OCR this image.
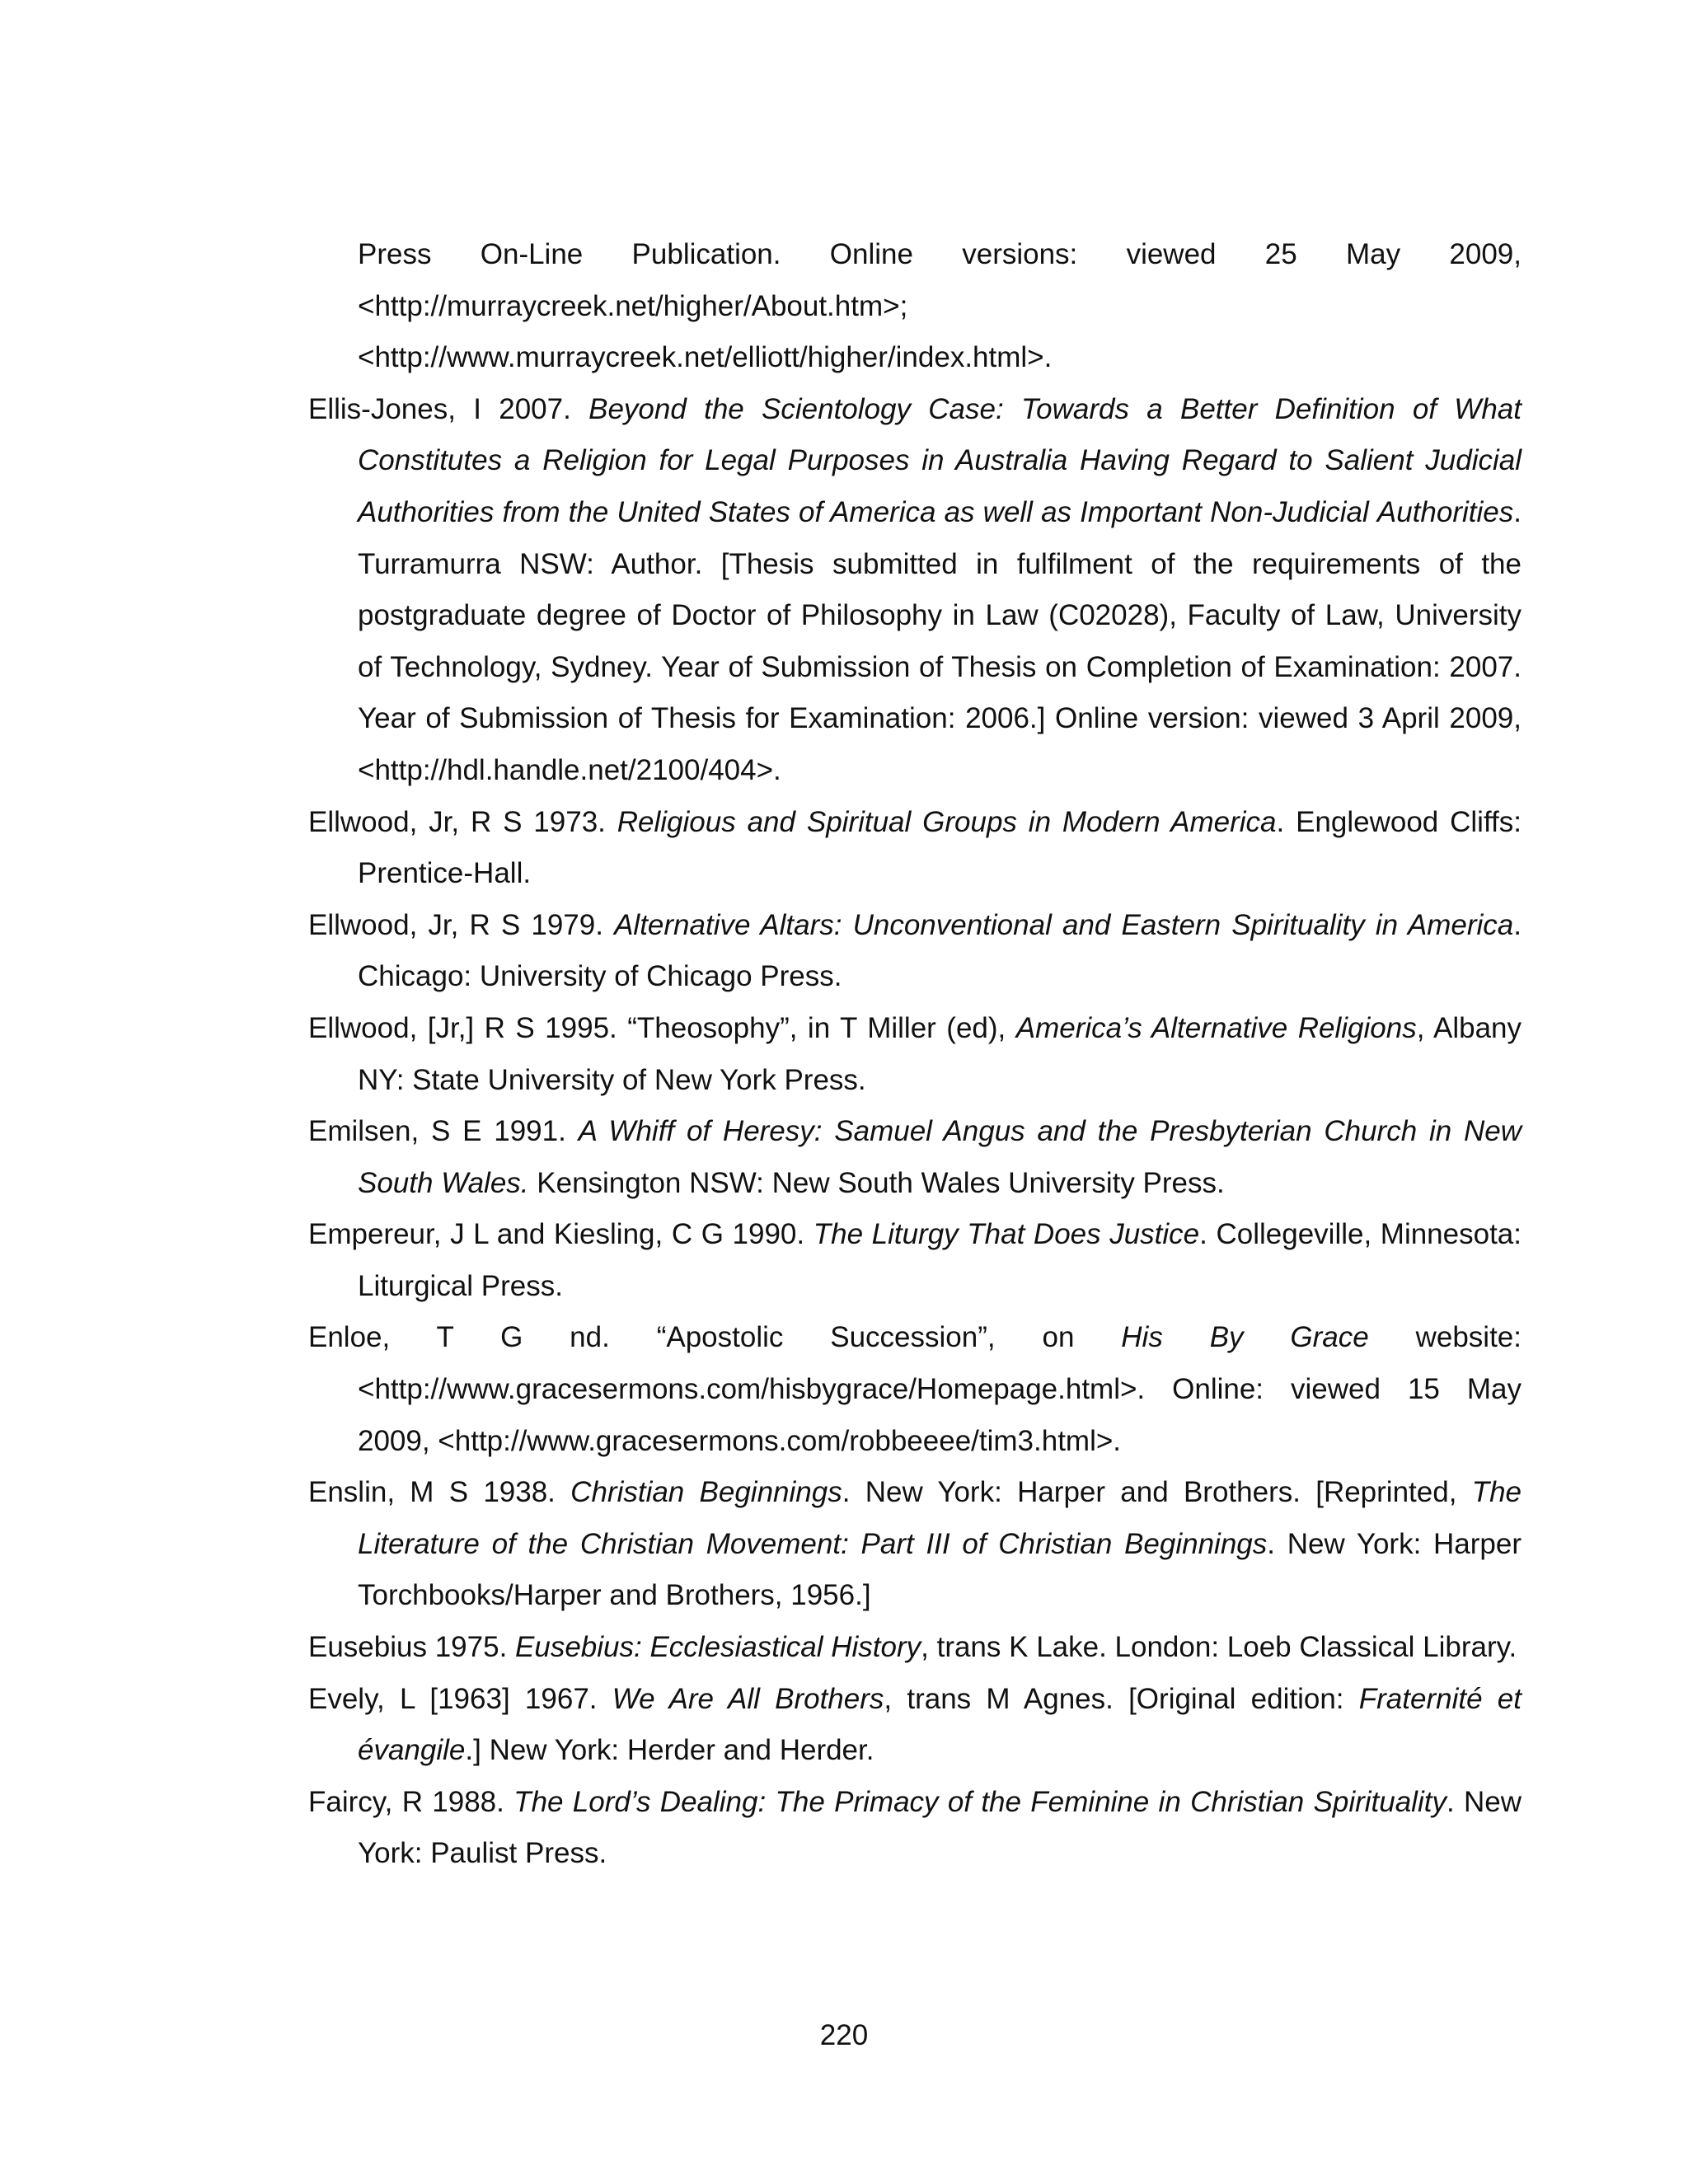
Press On-Line Publication. Online versions: viewed 25 May 2009, <http://murraycreek.net/higher/About.htm>; <http://www.murraycreek.net/elliott/higher/index.html>.
Ellis-Jones, I 2007. Beyond the Scientology Case: Towards a Better Definition of What Constitutes a Religion for Legal Purposes in Australia Having Regard to Salient Judicial Authorities from the United States of America as well as Important Non-Judicial Authorities. Turramurra NSW: Author. [Thesis submitted in fulfilment of the requirements of the postgraduate degree of Doctor of Philosophy in Law (C02028), Faculty of Law, University of Technology, Sydney. Year of Submission of Thesis on Completion of Examination: 2007. Year of Submission of Thesis for Examination: 2006.] Online version: viewed 3 April 2009, <http://hdl.handle.net/2100/404>.
Ellwood, Jr, R S 1973. Religious and Spiritual Groups in Modern America. Englewood Cliffs: Prentice-Hall.
Ellwood, Jr, R S 1979. Alternative Altars: Unconventional and Eastern Spirituality in America. Chicago: University of Chicago Press.
Ellwood, [Jr,] R S 1995. “Theosophy”, in T Miller (ed), America’s Alternative Religions, Albany NY: State University of New York Press.
Emilsen, S E 1991. A Whiff of Heresy: Samuel Angus and the Presbyterian Church in New South Wales. Kensington NSW: New South Wales University Press.
Empereur, J L and Kiesling, C G 1990. The Liturgy That Does Justice. Collegeville, Minnesota: Liturgical Press.
Enloe, T G nd. “Apostolic Succession”, on His By Grace website:
<http://www.gracesermons.com/hisbygrace/Homepage.html>. Online: viewed 15 May
2009, <http://www.gracesermons.com/robbeeee/tim3.html>.
Enslin, M S 1938. Christian Beginnings. New York: Harper and Brothers. [Reprinted, The Literature of the Christian Movement: Part III of Christian Beginnings. New York: Harper Torchbooks/Harper and Brothers, 1956.]
Eusebius 1975. Eusebius: Ecclesiastical History, trans K Lake. London: Loeb Classical Library.
Evely, L [1963] 1967. We Are All Brothers, trans M Agnes. [Original edition: Fraternité et évangile.] New York: Herder and Herder.
Faircy, R 1988. The Lord’s Dealing: The Primacy of the Feminine in Christian Spirituality. New York: Paulist Press.
220
